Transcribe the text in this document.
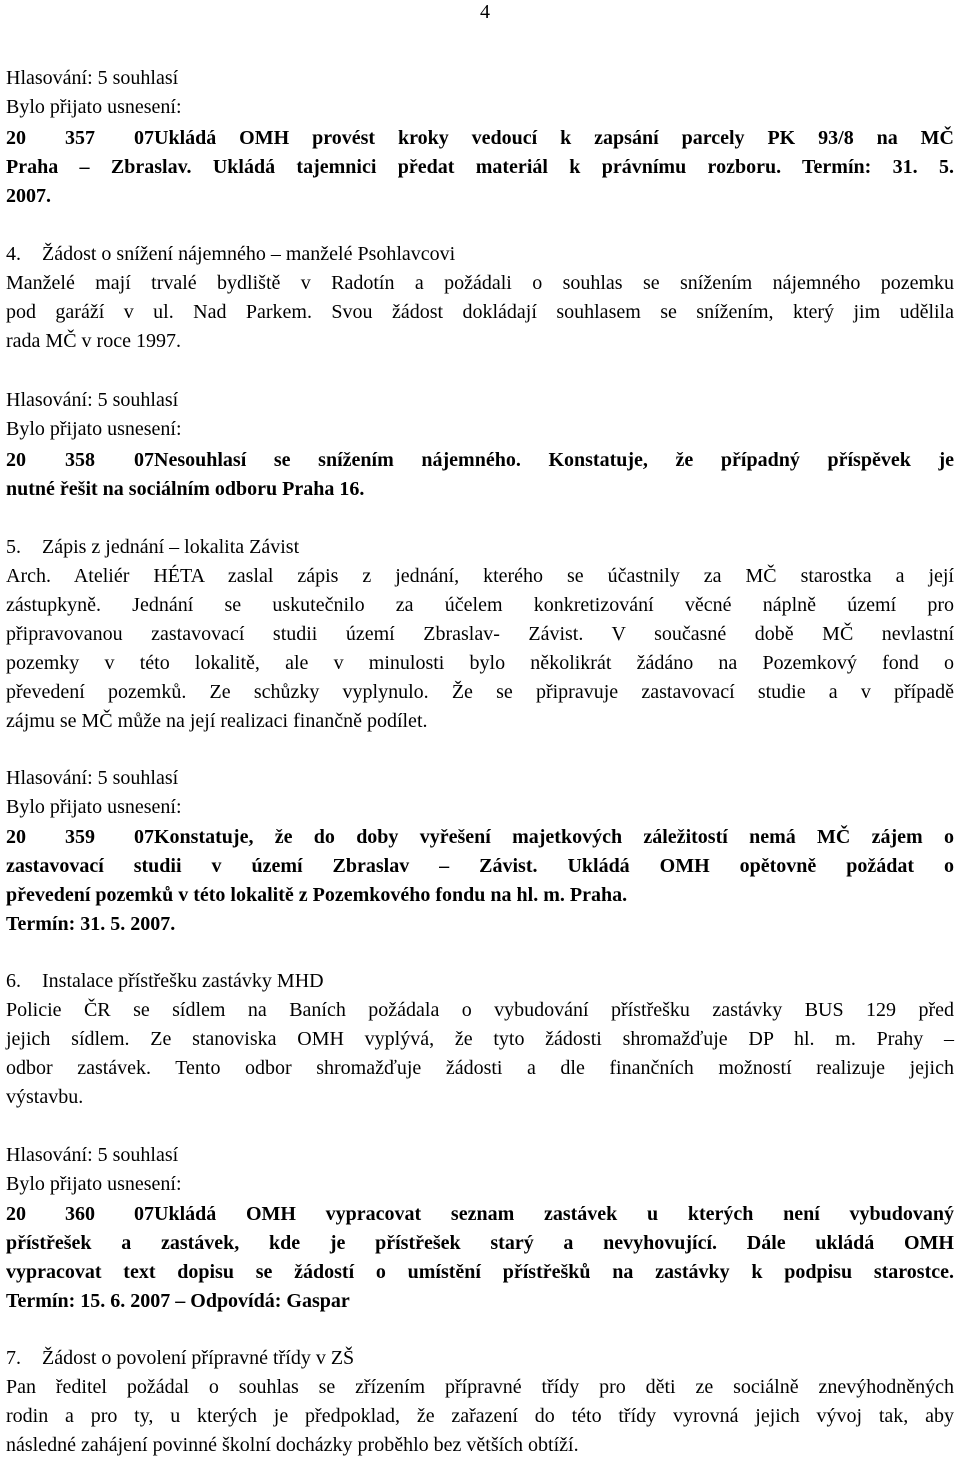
4
Hlasování: 5 souhlasí
Bylo přijato usnesení:
20 357 07Ukládá OMH provést kroky vedoucí k zapsání parcely PK 93/8 na MČ
Praha – Zbraslav. Ukládá tajemnici předat materiál k právnímu rozboru. Termín: 31. 5.
2007.
4. Žádost o snížení nájemného – manželé Psohlavcovi
Manželé mají trvalé bydliště v Radotín a požádali o souhlas se snížením nájemného pozemku
pod garáží v ul. Nad Parkem. Svou žádost dokládají souhlasem se snížením, který jim udělila
rada MČ v roce 1997.
Hlasování: 5 souhlasí
Bylo přijato usnesení:
20 358 07Nesouhlasí se snížením nájemného. Konstatuje, že případný příspěvek je
nutné řešit na sociálním odboru Praha 16.
5. Zápis z jednání – lokalita Závist
Arch. Ateliér HÉTA zaslal zápis z jednání, kterého se účastnily za MČ starostka a její
zástupkyně. Jednání se uskutečnilo za účelem konkretizování věcné náplně území pro
připravovanou zastavovací studii území Zbraslav- Závist. V současné době MČ nevlastní
pozemky v této lokalitě, ale v minulosti bylo několikrát žádáno na Pozemkový fond o
převedení pozemků. Ze schůzky vyplynulo. Že se připravuje zastavovací studie a v případě
zájmu se MČ může na její realizaci finančně podílet.
Hlasování: 5 souhlasí
Bylo přijato usnesení:
20 359 07Konstatuje, že do doby vyřešení majetkových záležitostí nemá MČ zájem o
zastavovací studii v území Zbraslav – Závist. Ukládá OMH opětovně požádat o
převedení pozemků v této lokalitě z Pozemkového fondu na hl. m. Praha.
Termín: 31. 5. 2007.
6. Instalace přístřešku zastávky MHD
Policie ČR se sídlem na Baních požádala o vybudování přístřešku zastávky BUS 129 před
jejich sídlem. Ze stanoviska OMH vyplývá, že tyto žádosti shromažďuje DP hl. m. Prahy –
odbor zastávek. Tento odbor shromažďuje žádosti a dle finančních možností realizuje jejich
výstavbu.
Hlasování: 5 souhlasí
Bylo přijato usnesení:
20 360 07Ukládá OMH vypracovat seznam zastávek u kterých není vybudovaný
přístřešek a zastávek, kde je přístřešek starý a nevyhovující. Dále ukládá OMH
vypracovat text dopisu se žádostí o umístění přístřešků na zastávky k podpisu starostce.
Termín: 15. 6. 2007 – Odpovídá: Gaspar
7. Žádost o povolení přípravné třídy v ZŠ
Pan ředitel požádal o souhlas se zřízením přípravné třídy pro děti ze sociálně znevýhodněných
rodin a pro ty, u kterých je předpoklad, že zařazení do této třídy vyrovná jejich vývoj tak, aby
následné zahájení povinné školní docházky proběhlo bez větších obtíží.
